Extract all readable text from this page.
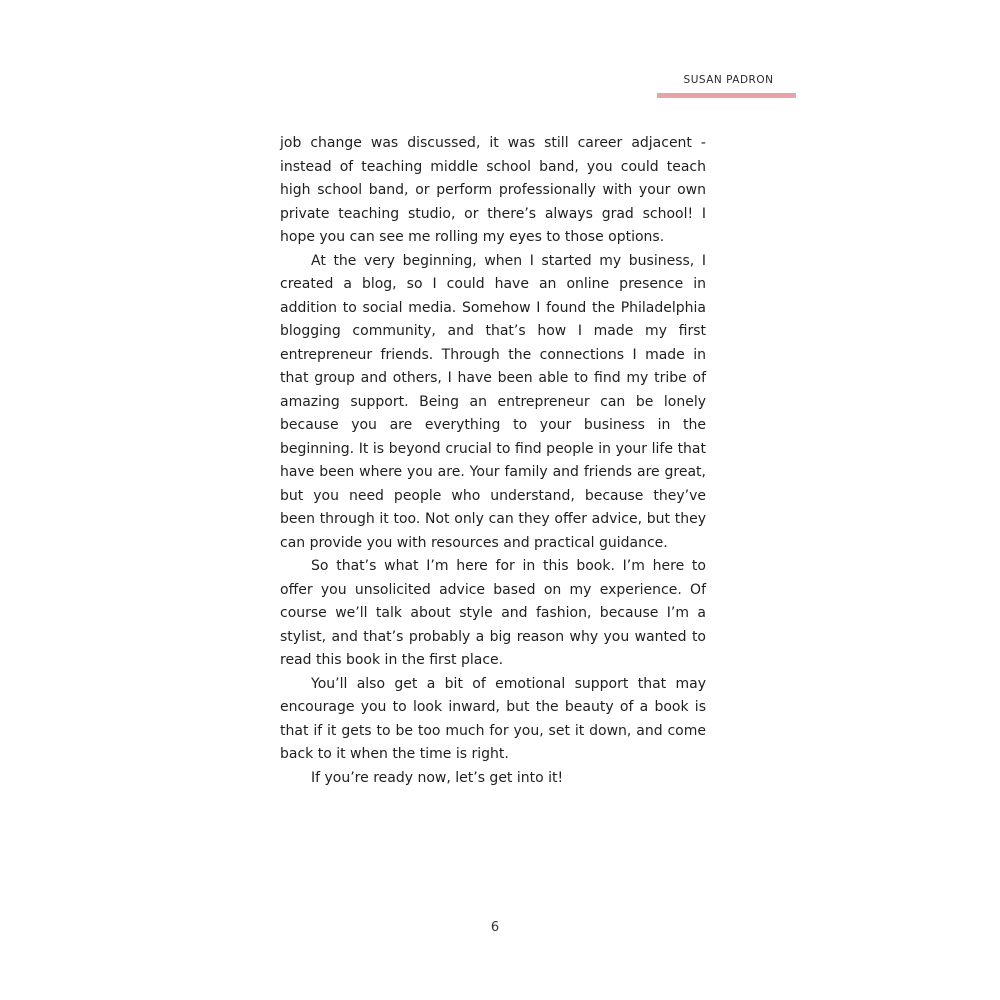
SUSAN PADRON

job change was discussed, it was still career adjacent - instead of teaching middle school band, you could teach high school band, or perform professionally with your own private teaching studio, or there’s always grad school! I hope you can see me rolling my eyes to those options.

At the very beginning, when I started my business, I created a blog, so I could have an online presence in addition to social media. Somehow I found the Philadelphia blogging community, and that’s how I made my first entrepreneur friends. Through the connections I made in that group and others, I have been able to find my tribe of amazing support. Being an entrepreneur can be lonely because you are everything to your business in the beginning. It is beyond crucial to find people in your life that have been where you are. Your family and friends are great, but you need people who understand, because they’ve been through it too. Not only can they offer advice, but they can provide you with resources and practical guidance.

So that’s what I’m here for in this book. I’m here to offer you unsolicited advice based on my experience. Of course we’ll talk about style and fashion, because I’m a stylist, and that’s probably a big reason why you wanted to read this book in the first place.

You’ll also get a bit of emotional support that may encourage you to look inward, but the beauty of a book is that if it gets to be too much for you, set it down, and come back to it when the time is right.

If you’re ready now, let’s get into it!

6
